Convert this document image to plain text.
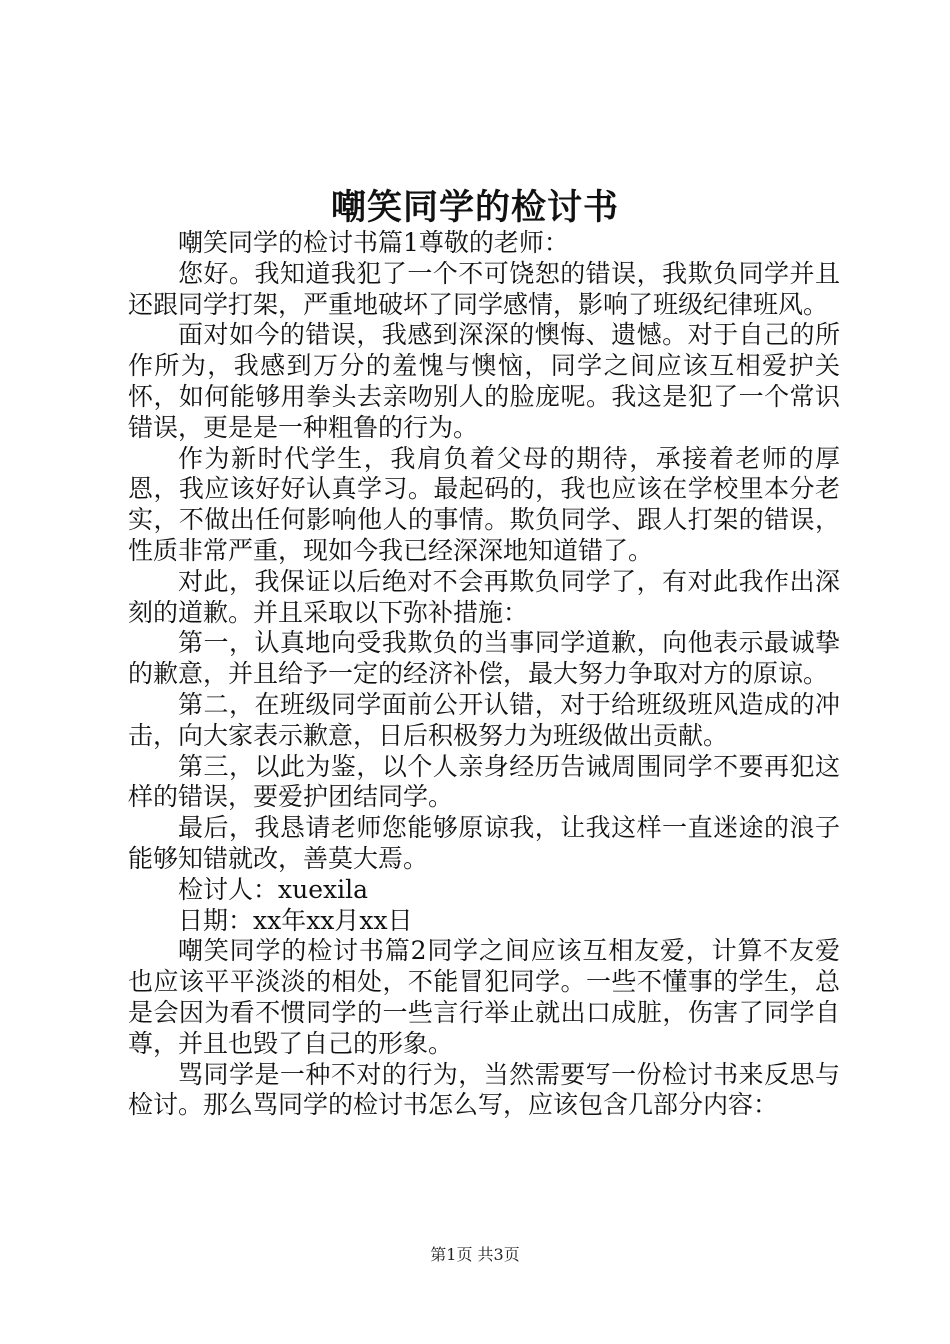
嘲笑同学的检讨书

嘲笑同学的检讨书篇1尊敬的老师：

您好。我知道我犯了一个不可饶恕的错误，我欺负同学并且还跟同学打架，严重地破坏了同学感情，影响了班级纪律班风。

面对如今的错误，我感到深深的懊悔、遗憾。对于自己的所作所为，我感到万分的羞愧与懊恼，同学之间应该互相爱护关怀，如何能够用拳头去亲吻别人的脸庞呢。我这是犯了一个常识错误，更是是一种粗鲁的行为。

作为新时代学生，我肩负着父母的期待，承接着老师的厚恩，我应该好好认真学习。最起码的，我也应该在学校里本分老实，不做出任何影响他人的事情。欺负同学、跟人打架的错误，性质非常严重，现如今我已经深深地知道错了。

对此，我保证以后绝对不会再欺负同学了，有对此我作出深刻的道歉。并且采取以下弥补措施：

第一，认真地向受我欺负的当事同学道歉，向他表示最诚挚的歉意，并且给予一定的经济补偿，最大努力争取对方的原谅。

第二，在班级同学面前公开认错，对于给班级班风造成的冲击，向大家表示歉意，日后积极努力为班级做出贡献。

第三，以此为鉴，以个人亲身经历告诫周围同学不要再犯这样的错误，要爱护团结同学。

最后，我恳请老师您能够原谅我，让我这样一直迷途的浪子能够知错就改，善莫大焉。

检讨人：xuexila

日期：xx年xx月xx日

嘲笑同学的检讨书篇2同学之间应该互相友爱，计算不友爱也应该平平淡淡的相处，不能冒犯同学。一些不懂事的学生，总是会因为看不惯同学的一些言行举止就出口成脏，伤害了同学自尊，并且也毁了自己的形象。

骂同学是一种不对的行为，当然需要写一份检讨书来反思与检讨。那么骂同学的检讨书怎么写，应该包含几部分内容：

第1页 共3页
